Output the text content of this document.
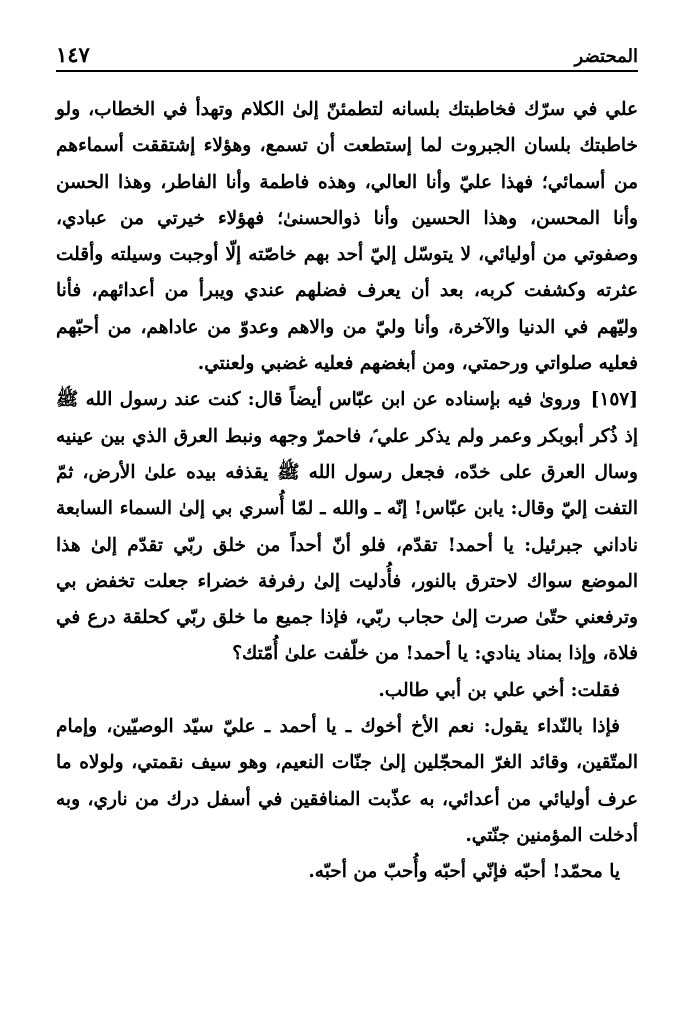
المحتضر
١٤٧

علي في سرّك فخاطبتك بلسانه لتطمئنّ إلىٰ الكلام وتهدأ في الخطاب، ولو خاطبتك بلسان الجبروت لما إستطعت أن تسمع، وهؤلاء إشتققت أسماءهم من أسمائي؛ فهذا عليّ وأنا العالي، وهذه فاطمة وأنا الفاطر، وهذا الحسن وأنا المحسن، وهذا الحسين وأنا ذوالحسنىٰ؛ فهؤلاء خيرتي من عبادي، وصفوتي من أوليائي، لا يتوسّل إليّ أحد بهم خاصّته إلّا أوجبت وسيلته وأقلت عثرته وكشفت كربه، بعد أن يعرف فضلهم عندي ويبرأ من أعدائهم، فأنا وليّهم في الدنيا والآخرة، وأنا وليّ من والاهم وعدوّ من عاداهم، من أحبّهم فعليه صلواتي ورحمتي، ومن أبغضهم فعليه غضبي ولعنتي.

[١٥٧]وروىٰ فيه بإسناده عن ابن عبّاس أيضاً قال: كنت عند رسول الله ﷺ إذ ذُكر أبوبكر وعمر ولم يذكر علي ؑ، فاحمرّ وجهه ونبط العرق الذي بين عينيه وسال العرق على خدّه، فجعل رسول الله ﷺ يقذفه بيده علىٰ الأرض، ثمّ التفت إليّ وقال: يابن عبّاس! إنّه ـ والله ـ لمّا أُسري بي إلىٰ السماء السابعة ناداني جبرئيل: يا أحمد! تقدّم، فلو أنّ أحداً من خلق ربّي تقدّم إلىٰ هذا الموضع سواك لاحترق بالنور، فأُدليت إلىٰ رفرفة خضراء جعلت تخفض بي وترفعني حتّىٰ صرت إلىٰ حجاب ربّي، فإذا جميع ما خلق ربّي كحلقة درع في فلاة، وإذا بمناد ينادي: يا أحمد! من خلّفت علىٰ أُمّتك؟

فقلت: أخي علي بن أبي طالب.

فإذا بالنّداء يقول: نعم الأخ أخوك ـ يا أحمد ـ عليّ سيّد الوصيّين، وإمام المتّقين، وقائد الغرّ المحجّلين إلىٰ جنّات النعيم، وهو سيف نقمتي، ولولاه ما عرف أوليائي من أعدائي، به عذّبت المنافقين في أسفل درك من ناري، وبه أدخلت المؤمنين جنّتي.

يا محمّد! أحبّه فإنّي أحبّه وأُحبّ من أحبّه.
